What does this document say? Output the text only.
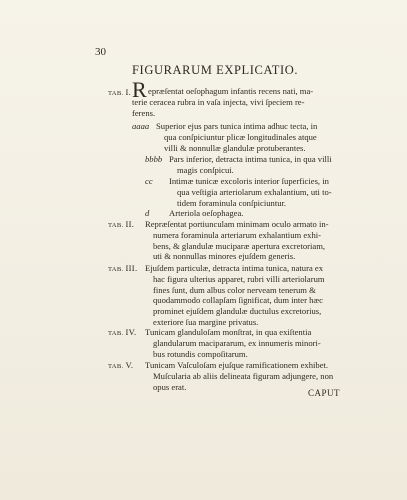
30
FIGURARUM EXPLICATIO.
TAB. I. R epræſentat oeſophagum infantis recens nati, ma-
terie ceracea rubra in vaſa injecta, vivi ſpeciem re-
ferens.
aaaa Superior ejus pars tunica intima adhuc tecta, in
qua conſpiciuntur plicæ longitudinales atque
villi & nonnullæ glandulæ protuberantes.
bbbb Pars inferior, detracta intima tunica, in qua villi
magis conſpicui.
cc Intimæ tunicæ excoloris interior ſuperficies, in
qua veſtigia arteriolarum exhalantium, uti to-
tidem foraminula conſpiciuntur.
d Arteriola oeſophagea.
TAB. II. Repræſentat portiunculam minimam oculo armato in-
numera foraminula arteriarum exhalantium exhi-
bens, & glandulæ muciparæ apertura excretoriam,
uti & nonnullas minores ejuſdem generis.
TAB. III. Ejuſdem particulæ, detracta intima tunica, natura ex
hac figura ulterius apparet, rubri villi arteriolarum
fines ſunt, dum albus color nerveam tenerum &
quodammodo collapſam ſignificat, dum inter hæc
prominet ejuſdem glandulæ ductulus excretorius,
exteriore ſua margine privatus.
TAB. IV. Tunicam glanduloſam monſtrat, in qua exiſtentia
glandularum macipararum, ex innumeris minori-
bus rotundis compoſitarum.
TAB. V. Tunicam Vaſculoſam ejuſque ramificationem exhibet.
Muſcularia ab aliis delineata figuram adjungere, non
opus erat.
CAPUT
